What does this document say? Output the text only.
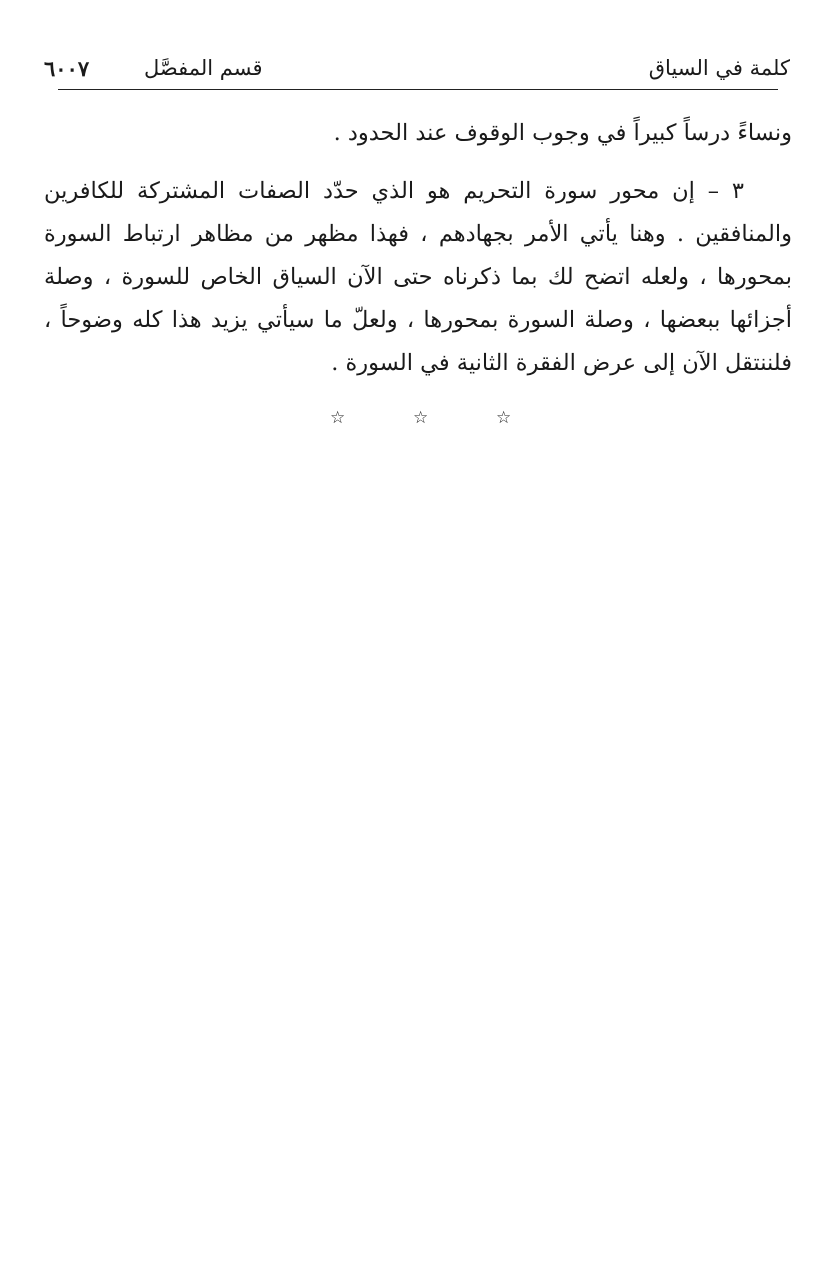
كلمة في السياق
قسم المفصَّل
٦٠٠٧

ونساءً درساً كبيراً في وجوب الوقوف عند الحدود .

٣ – إن محور سورة التحريم هو الذي حدّد الصفات المشتركة للكافرين والمنافقين . وهنا يأتي الأمر بجهادهم ، فهذا مظهر من مظاهر ارتباط السورة بمحورها ، ولعله اتضح لك بما ذكرناه حتى الآن السياق الخاص للسورة ، وصلة أجزائها ببعضها ، وصلة السورة بمحورها ، ولعلّ ما سيأتي يزيد هذا كله وضوحاً ، فلننتقل الآن إلى عرض الفقرة الثانية في السورة .

☆	☆	☆
